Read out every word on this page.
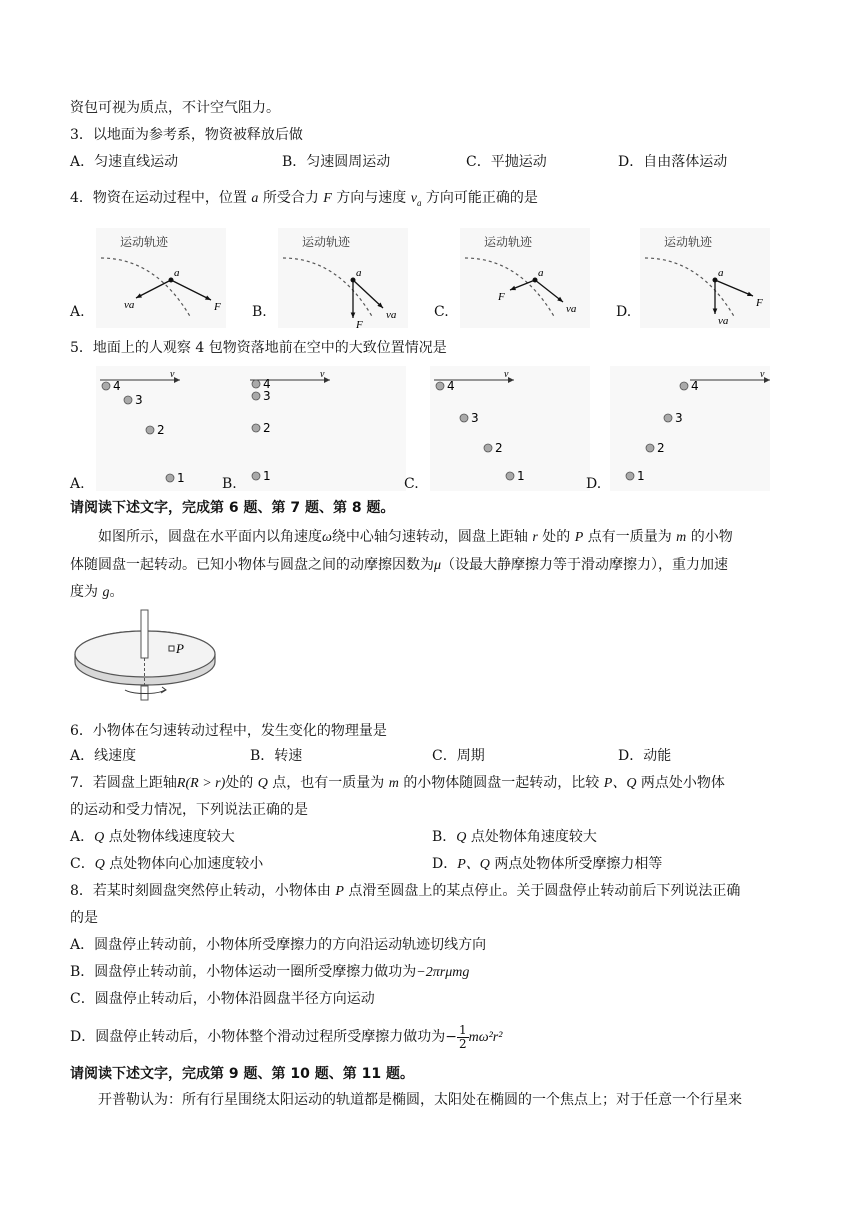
资包可视为质点，不计空气阻力。
3．以地面为参考系，物资被释放后做
A．匀速直线运动	B．匀速圆周运动	C．平抛运动	D．自由落体运动
4．物资在运动过程中，位置 a 所受合力 F 方向与速度 $v_a$ 方向可能正确的是
运动轨迹
a
F
va
A.
运动轨迹
a
F
va
B.
运动轨迹
a
F
va
C.
运动轨迹
a
F
va
D.
5．地面上的人观察 4 包物资落地前在空中的大致位置情况是
v
4
3
2
1
A.
v
4
3
2
1
B.
v
4
3
2
1
C.
v
4
3
2
1
D.
请阅读下述文字，完成第 6 题、第 7 题、第 8 题。
如图所示，圆盘在水平面内以角速度ω绕中心轴匀速转动，圆盘上距轴 r 处的 P 点有一质量为 m 的小物
体随圆盘一起转动。已知小物体与圆盘之间的动摩擦因数为μ（设最大静摩擦力等于滑动摩擦力），重力加速
度为 g。
P
6．小物体在匀速转动过程中，发生变化的物理量是
A．线速度	B．转速	C．周期	D．动能
7．若圆盘上距轴R(R > r)处的 Q 点，也有一质量为 m 的小物体随圆盘一起转动，比较 P、Q 两点处小物体
的运动和受力情况，下列说法正确的是
A．Q 点处物体线速度较大	B．Q 点处物体角速度较大
C．Q 点处物体向心加速度较小	D．P、Q 两点处物体所受摩擦力相等
8．若某时刻圆盘突然停止转动，小物体由 P 点滑至圆盘上的某点停止。关于圆盘停止转动前后下列说法正确
的是
A．圆盘停止转动前，小物体所受摩擦力的方向沿运动轨迹切线方向
B．圆盘停止转动前，小物体运动一圈所受摩擦力做功为−2πrμmg
C．圆盘停止转动后，小物体沿圆盘半径方向运动
D．圆盘停止转动后，小物体整个滑动过程所受摩擦力做功为− $\frac{1}{2} m\omega^2r^2$
请阅读下述文字，完成第 9 题、第 10 题、第 11 题。
开普勒认为：所有行星围绕太阳运动的轨道都是椭圆，太阳处在椭圆的一个焦点上；对于任意一个行星来
